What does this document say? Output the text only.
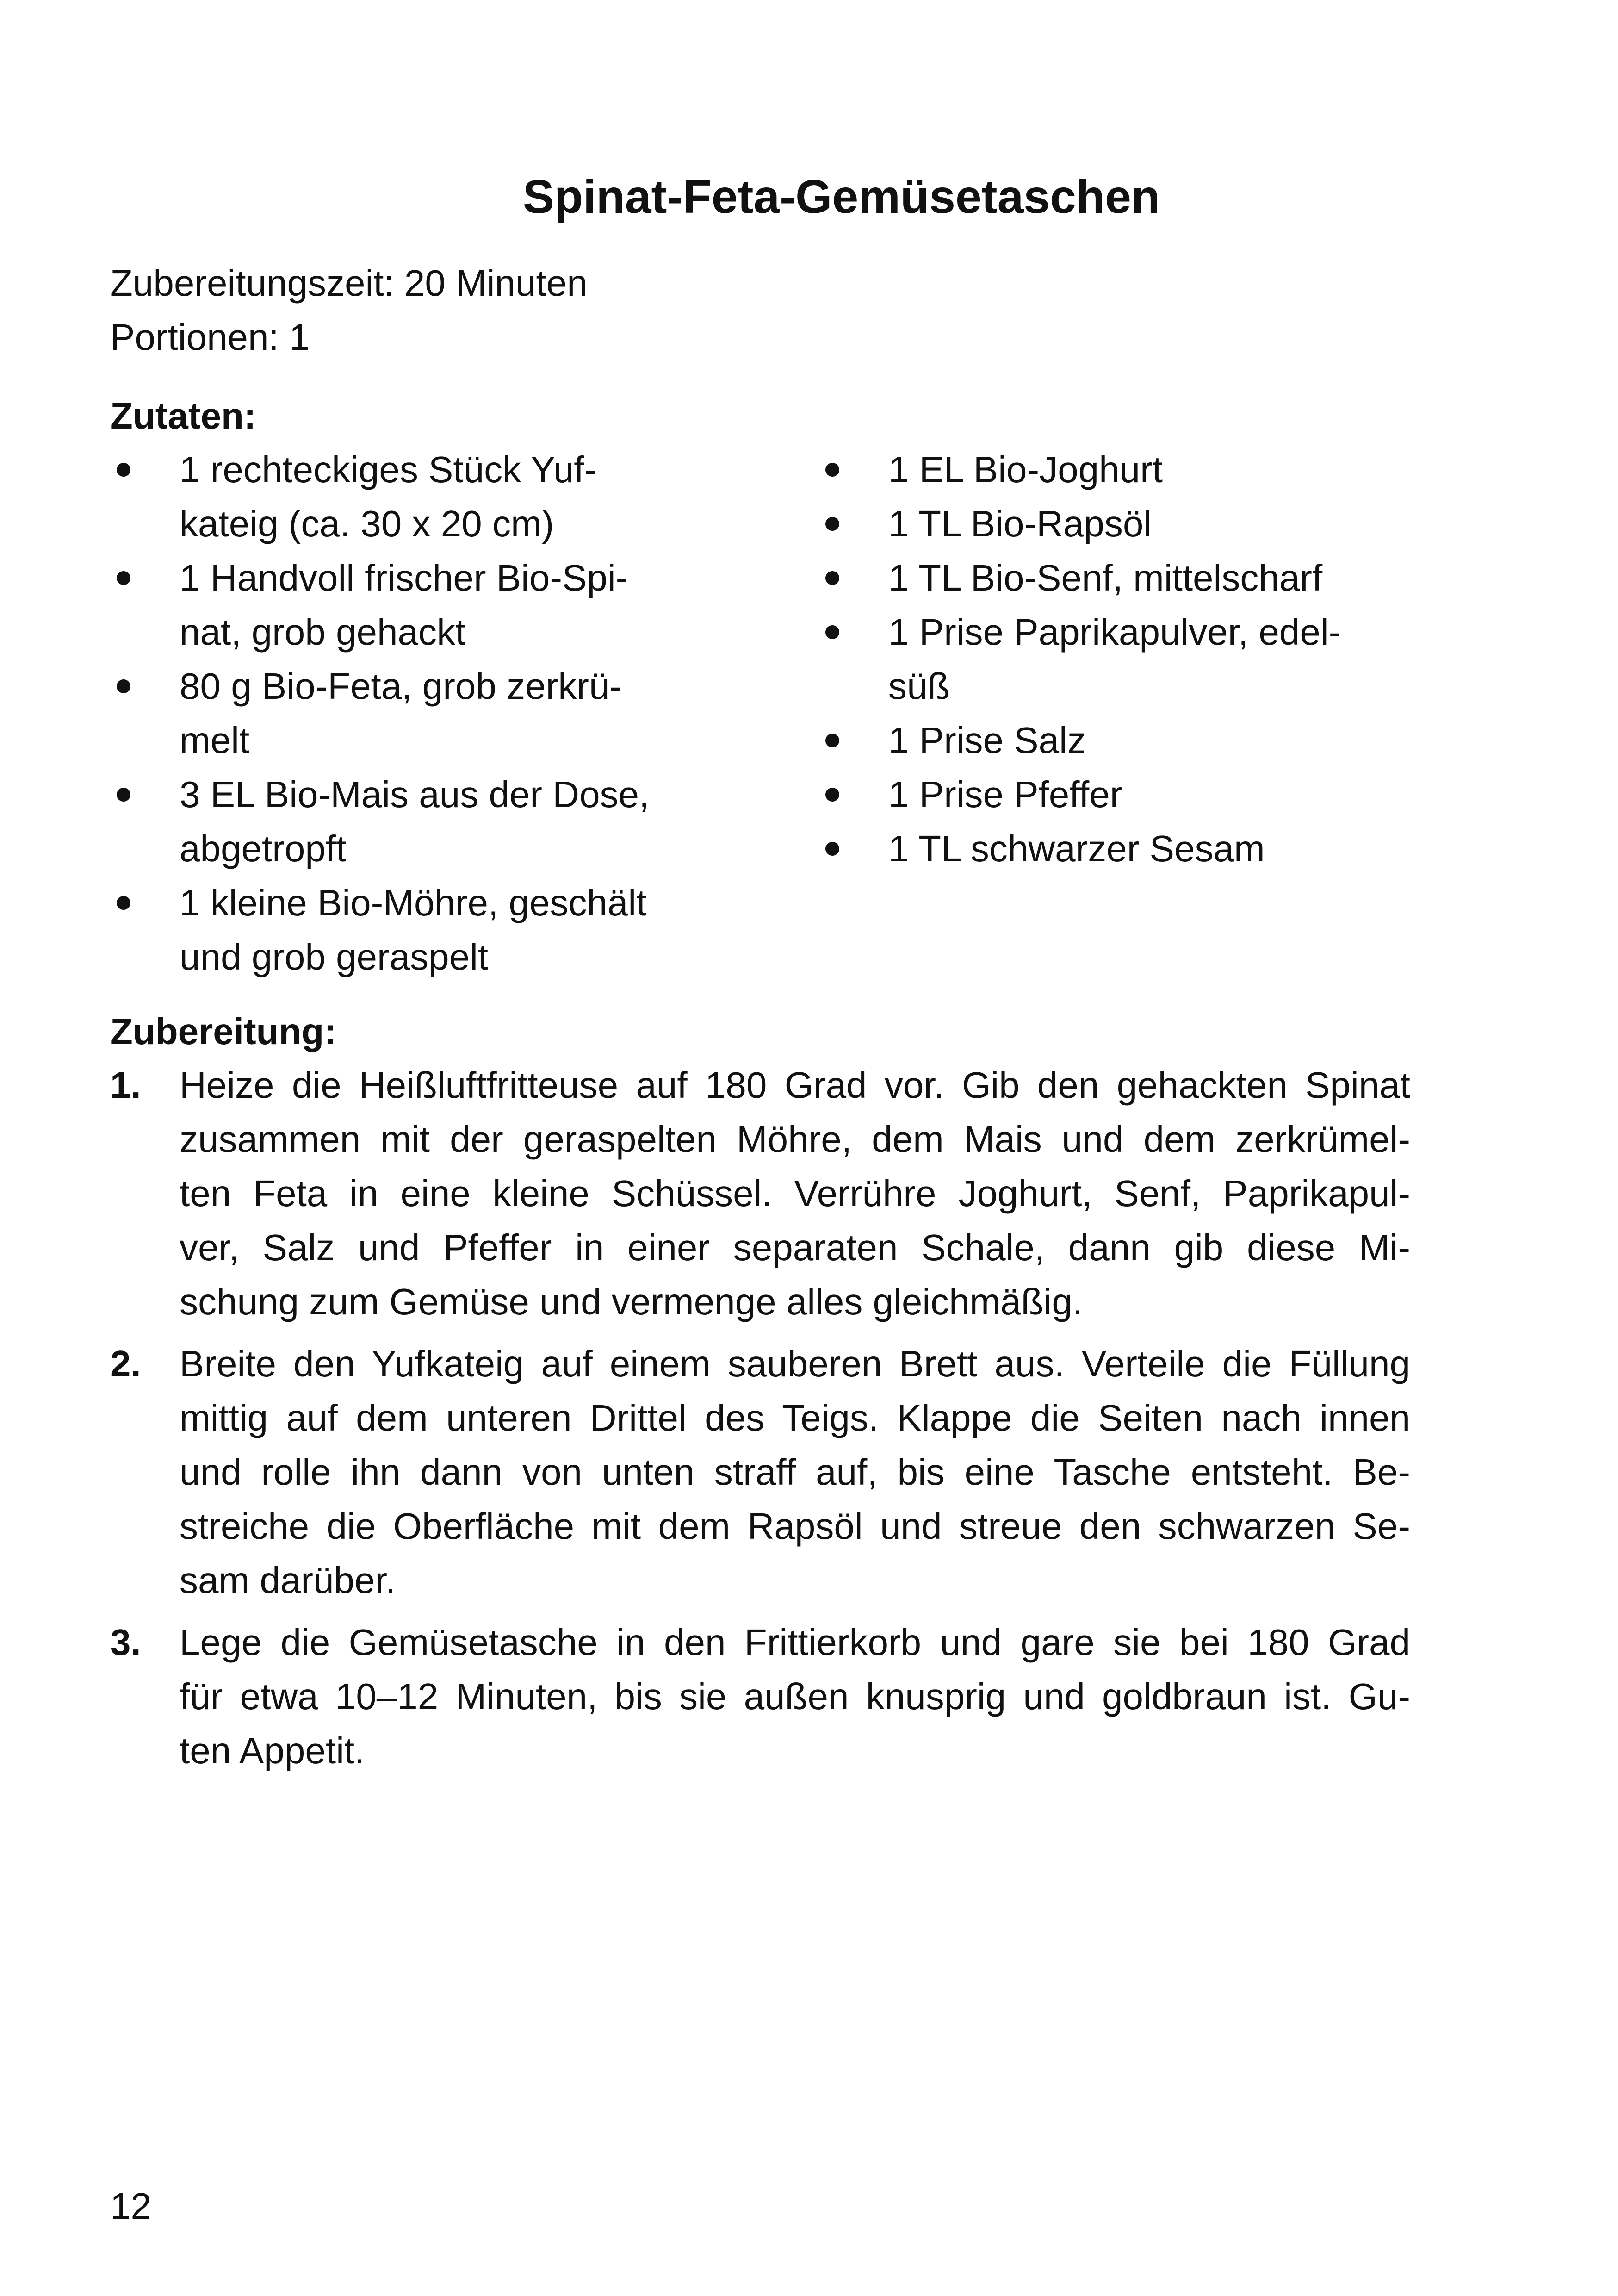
Spinat-Feta-Gemüsetaschen
Zubereitungszeit: 20 Minuten
Portionen: 1
Zutaten:
1 rechteckiges Stück Yuf-
kateig (ca. 30 x 20 cm)
1 Handvoll frischer Bio-Spi-
nat, grob gehackt
80 g Bio-Feta, grob zerkrü-
melt
3 EL Bio-Mais aus der Dose,
abgetropft
1 kleine Bio-Möhre, geschält
und grob geraspelt
1 EL Bio-Joghurt
1 TL Bio-Rapsöl
1 TL Bio-Senf, mittelscharf
1 Prise Paprikapulver, edel-
süß
1 Prise Salz
1 Prise Pfeffer
1 TL schwarzer Sesam
Zubereitung:
1. Heize die Heißluftfritteuse auf 180 Grad vor. Gib den gehackten Spinat
zusammen mit der geraspelten Möhre, dem Mais und dem zerkrümel-
ten Feta in eine kleine Schüssel. Verrühre Joghurt, Senf, Paprikapul-
ver, Salz und Pfeffer in einer separaten Schale, dann gib diese Mi-
schung zum Gemüse und vermenge alles gleichmäßig.
2. Breite den Yufkateig auf einem sauberen Brett aus. Verteile die Füllung
mittig auf dem unteren Drittel des Teigs. Klappe die Seiten nach innen
und rolle ihn dann von unten straff auf, bis eine Tasche entsteht. Be-
streiche die Oberfläche mit dem Rapsöl und streue den schwarzen Se-
sam darüber.
3. Lege die Gemüsetasche in den Frittierkorb und gare sie bei 180 Grad
für etwa 10–12 Minuten, bis sie außen knusprig und goldbraun ist. Gu-
ten Appetit.
12
